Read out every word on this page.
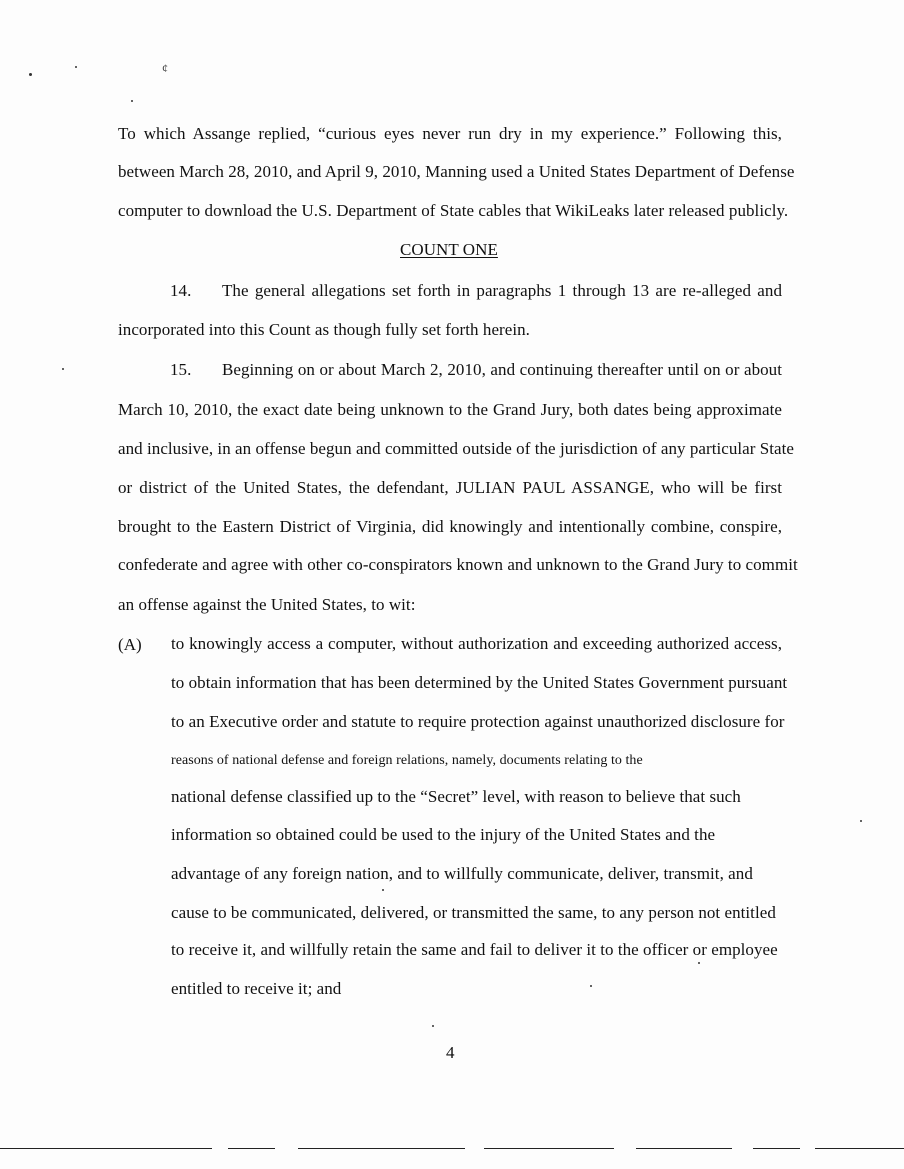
¢
To which Assange replied, “curious eyes never run dry in my experience.” Following this,
between March 28, 2010, and April 9, 2010, Manning used a United States Department of Defense
computer to download the U.S. Department of State cables that WikiLeaks later released publicly.
COUNT ONE
14. The general allegations set forth in paragraphs 1 through 13 are re-alleged and
incorporated into this Count as though fully set forth herein.
15. Beginning on or about March 2, 2010, and continuing thereafter until on or about
March 10, 2010, the exact date being unknown to the Grand Jury, both dates being approximate
and inclusive, in an offense begun and committed outside of the jurisdiction of any particular State
or district of the United States, the defendant, JULIAN PAUL ASSANGE, who will be first
brought to the Eastern District of Virginia, did knowingly and intentionally combine, conspire,
confederate and agree with other co-conspirators known and unknown to the Grand Jury to commit
an offense against the United States, to wit:
(A) to knowingly access a computer, without authorization and exceeding authorized access,
to obtain information that has been determined by the United States Government pursuant
to an Executive order and statute to require protection against unauthorized disclosure for
reasons of national defense and foreign relations, namely, documents relating to the
national defense classified up to the “Secret” level, with reason to believe that such
information so obtained could be used to the injury of the United States and the
advantage of any foreign nation, and to willfully communicate, deliver, transmit, and
cause to be communicated, delivered, or transmitted the same, to any person not entitled
to receive it, and willfully retain the same and fail to deliver it to the officer or employee
entitled to receive it; and
4
